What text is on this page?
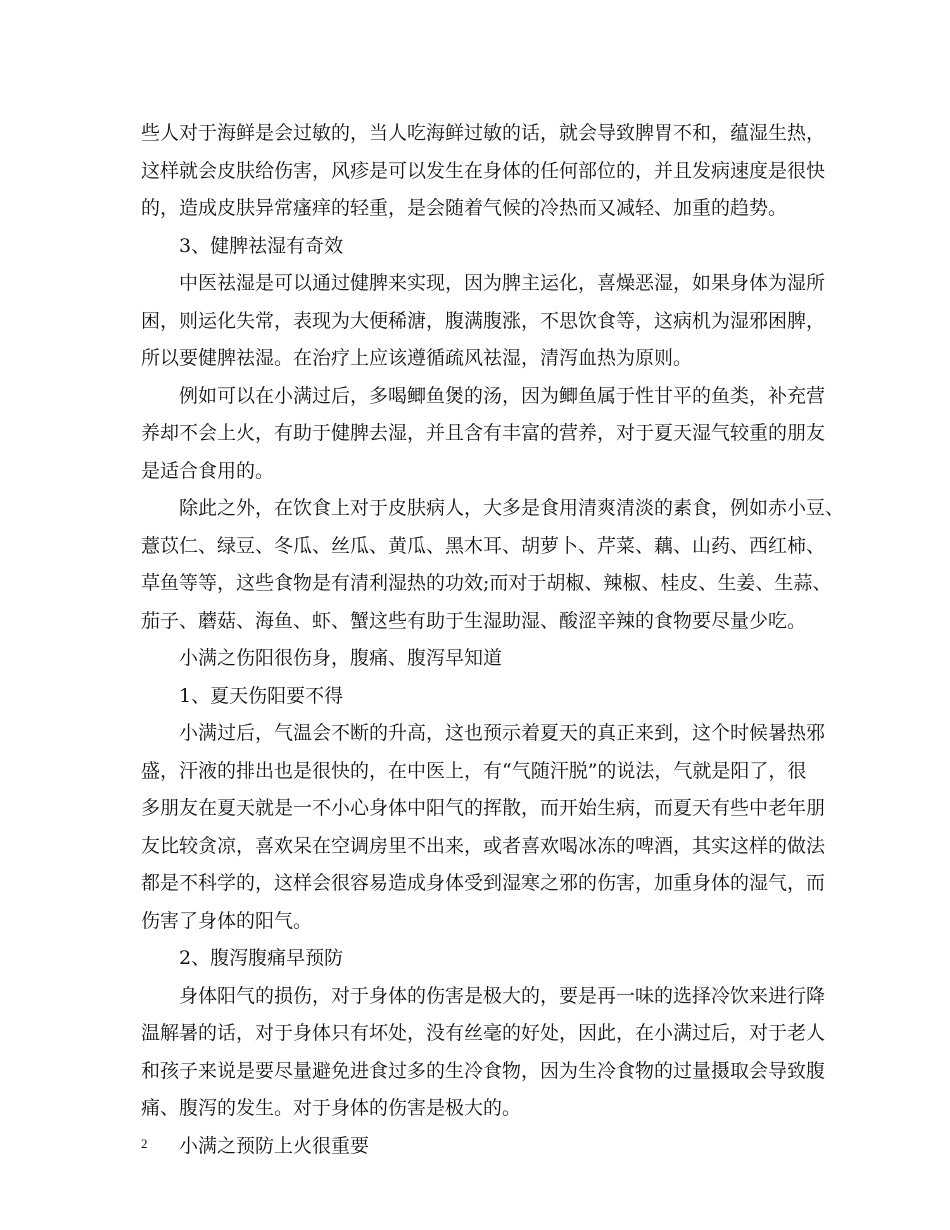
些人对于海鲜是会过敏的，当人吃海鲜过敏的话，就会导致脾胃不和，蕴湿生热，
这样就会皮肤给伤害，风疹是可以发生在身体的任何部位的，并且发病速度是很快
的，造成皮肤异常瘙痒的轻重，是会随着气候的冷热而又减轻、加重的趋势。
3、健脾祛湿有奇效
中医祛湿是可以通过健脾来实现，因为脾主运化，喜燥恶湿，如果身体为湿所
困，则运化失常，表现为大便稀溏，腹满腹涨，不思饮食等，这病机为湿邪困脾，
所以要健脾祛湿。在治疗上应该遵循疏风祛湿，清泻血热为原则。
例如可以在小满过后，多喝鲫鱼煲的汤，因为鲫鱼属于性甘平的鱼类，补充营
养却不会上火，有助于健脾去湿，并且含有丰富的营养，对于夏天湿气较重的朋友
是适合食用的。
除此之外，在饮食上对于皮肤病人，大多是食用清爽清淡的素食，例如赤小豆、
薏苡仁、绿豆、冬瓜、丝瓜、黄瓜、黑木耳、胡萝卜、芹菜、藕、山药、西红柿、
草鱼等等，这些食物是有清利湿热的功效;而对于胡椒、辣椒、桂皮、生姜、生蒜、
茄子、蘑菇、海鱼、虾、蟹这些有助于生湿助湿、酸涩辛辣的食物要尽量少吃。
小满之伤阳很伤身，腹痛、腹泻早知道
1、夏天伤阳要不得
小满过后，气温会不断的升高，这也预示着夏天的真正来到，这个时候暑热邪
盛，汗液的排出也是很快的，在中医上，有“气随汗脱”的说法，气就是阳了，很
多朋友在夏天就是一不小心身体中阳气的挥散，而开始生病，而夏天有些中老年朋
友比较贪凉，喜欢呆在空调房里不出来，或者喜欢喝冰冻的啤酒，其实这样的做法
都是不科学的，这样会很容易造成身体受到湿寒之邪的伤害，加重身体的湿气，而
伤害了身体的阳气。
2、腹泻腹痛早预防
身体阳气的损伤，对于身体的伤害是极大的，要是再一味的选择冷饮来进行降
温解暑的话，对于身体只有坏处，没有丝毫的好处，因此，在小满过后，对于老人
和孩子来说是要尽量避免进食过多的生冷食物，因为生冷食物的过量摄取会导致腹
痛、腹泻的发生。对于身体的伤害是极大的。
小满之预防上火很重要
2
